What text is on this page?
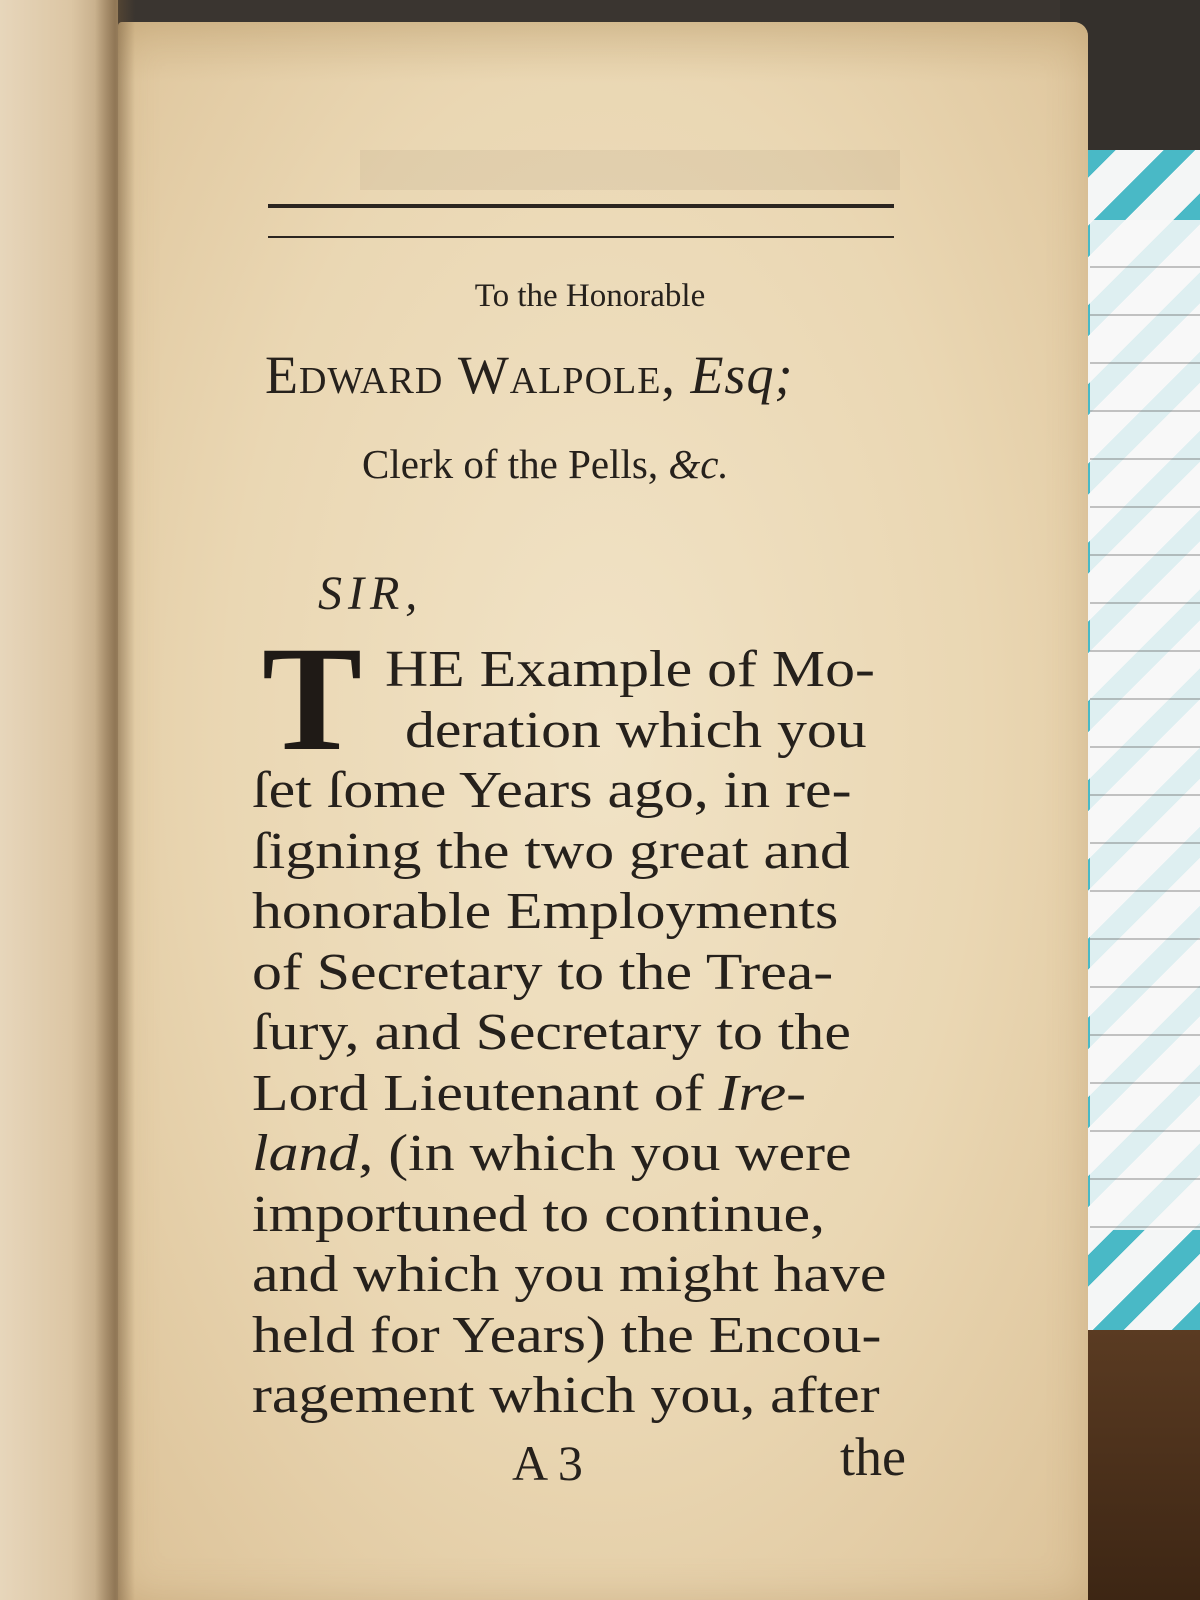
To the Honorable
Edward Walpole, Esq;
Clerk of the Pells, &c.
SIR,
T HE Example of Mo-
deration which you
ſet ſome Years ago, in re-
ſigning the two great and
honorable Employments
of Secretary to the Trea-
ſury, and Secretary to the
Lord Lieutenant of Ire-
land, (in which you were
importuned to continue,
and which you might have
held for Years) the Encou-
ragement which you, after
A 3	the
